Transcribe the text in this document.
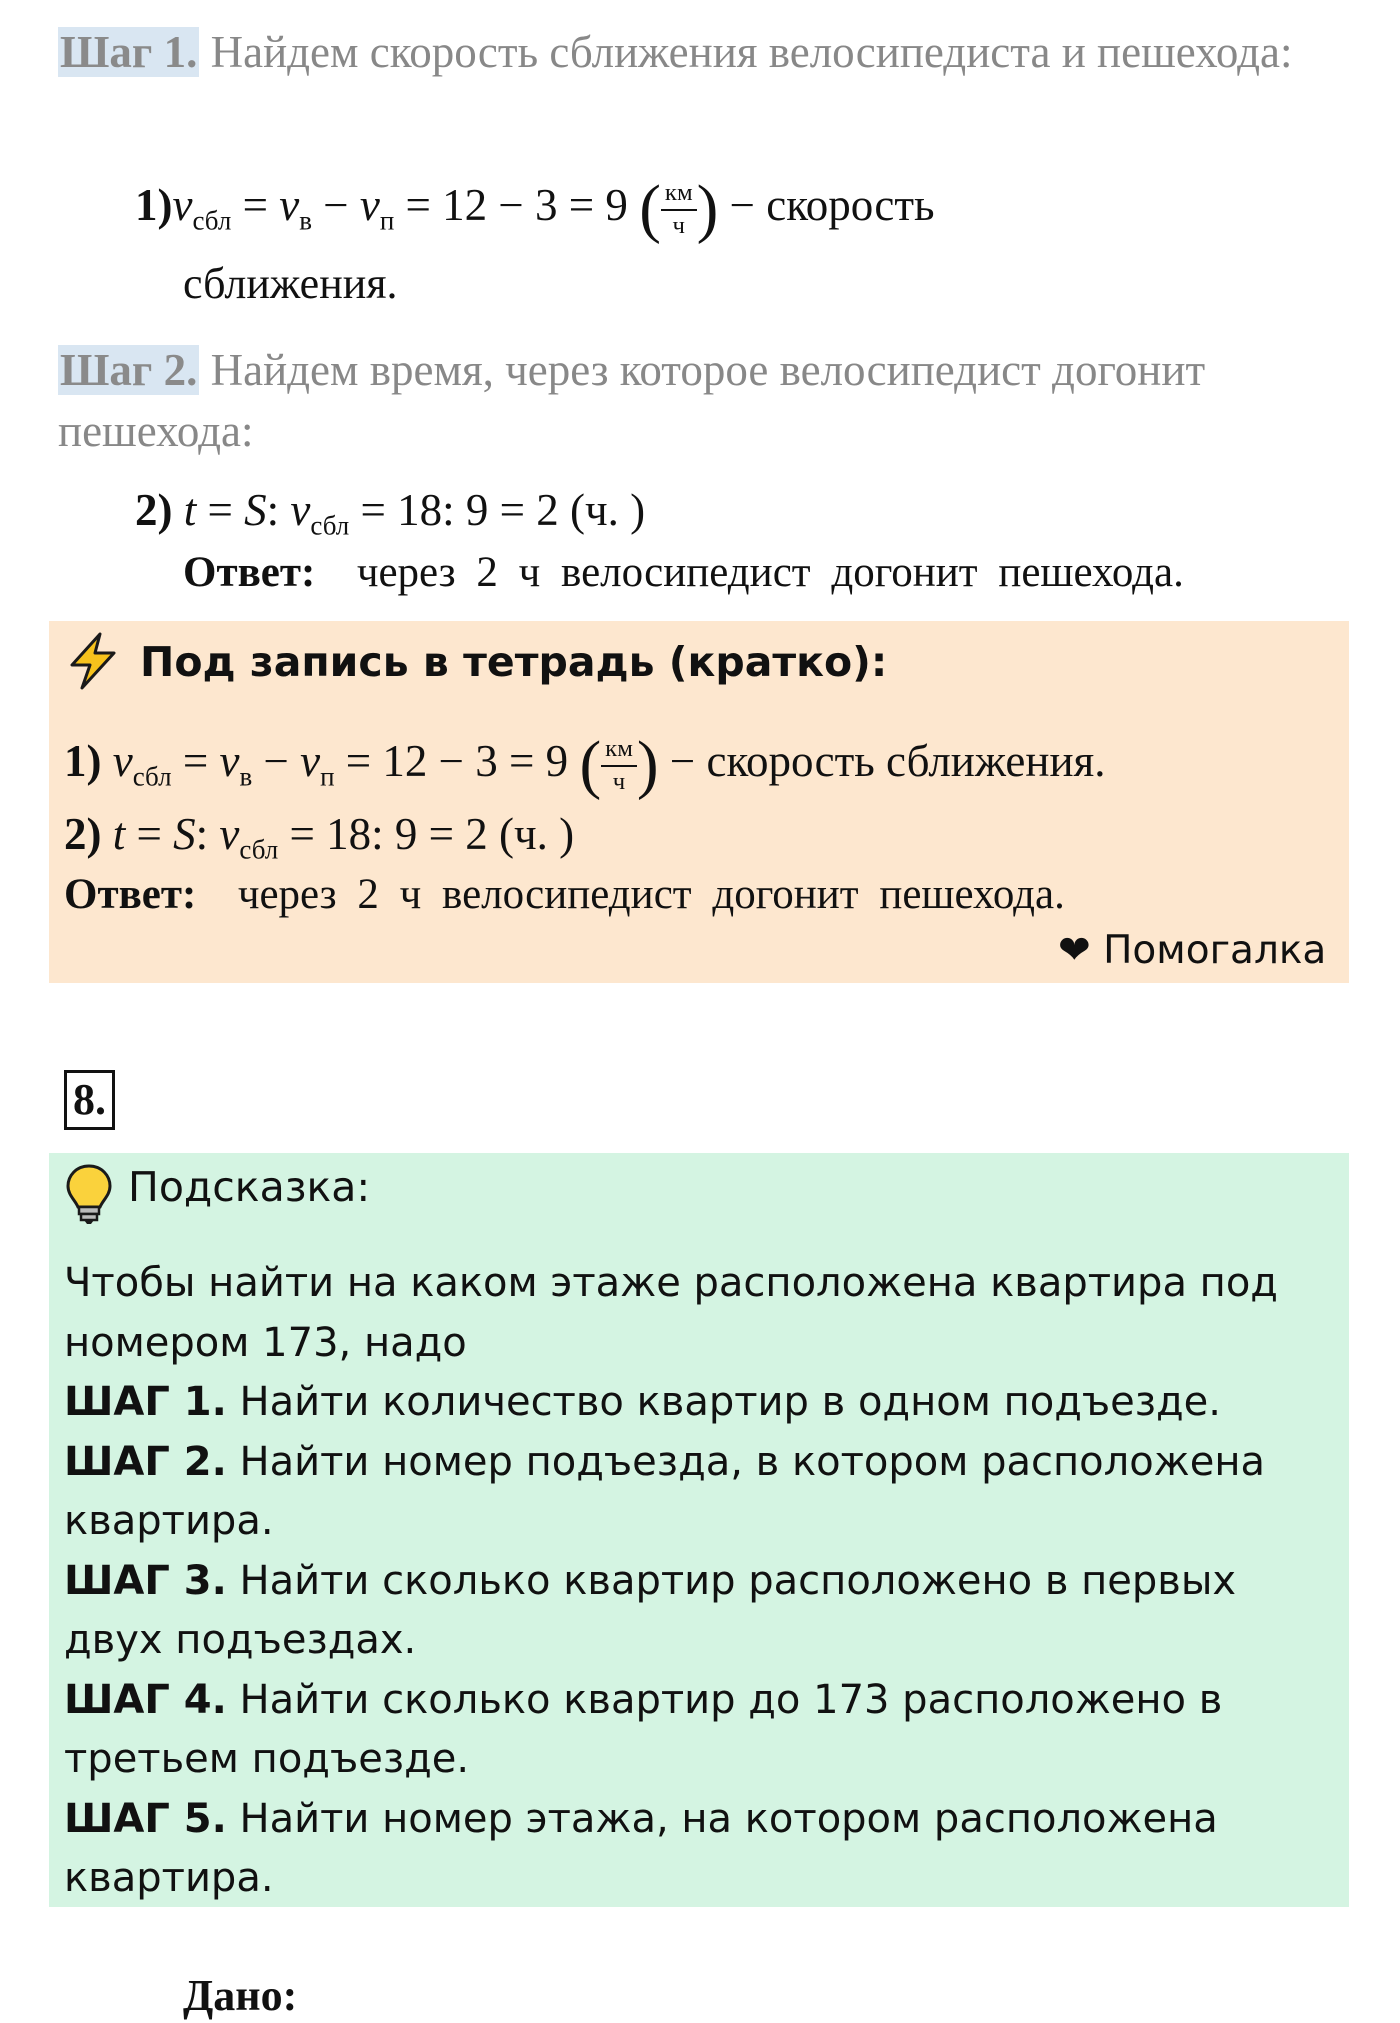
Шаг 1. Найдем скорость сближения велосипедиста и пешехода:
$1)v_{сбл} = v_в - v_п = 12 - 3 = 9$ ( $\frac{км}{ч}$ ) − скорость
сближения.
Шаг 2. Найдем время, через которое велосипедист догонит пешехода:
2) t = S: $v_{сбл} = 18$: 9 = 2 (ч. )
Ответ: через 2 ч велосипедист догонит пешехода.
Под запись в тетрадь (кратко):
1) $v_{сбл} = v_в - v_п = 12 - 3 = 9$ ( $\frac{км}{ч}$ ) − скорость сближения.
2) t = S: $v_{сбл} = 18$: 9 = 2 (ч. )
Ответ: через 2 ч велосипедист догонит пешехода.
❤ Помогалка
8.
Подсказка:
Чтобы найти на каком этаже расположена квартира под номером 173, надо
ШАГ 1. Найти количество квартир в одном подъезде.
ШАГ 2. Найти номер подъезда, в котором расположена квартира.
ШАГ 3. Найти сколько квартир расположено в первых двух подъездах.
ШАГ 4. Найти сколько квартир до 173 расположено в третьем подъезде.
ШАГ 5. Найти номер этажа, на котором расположена квартира.
Дано:
